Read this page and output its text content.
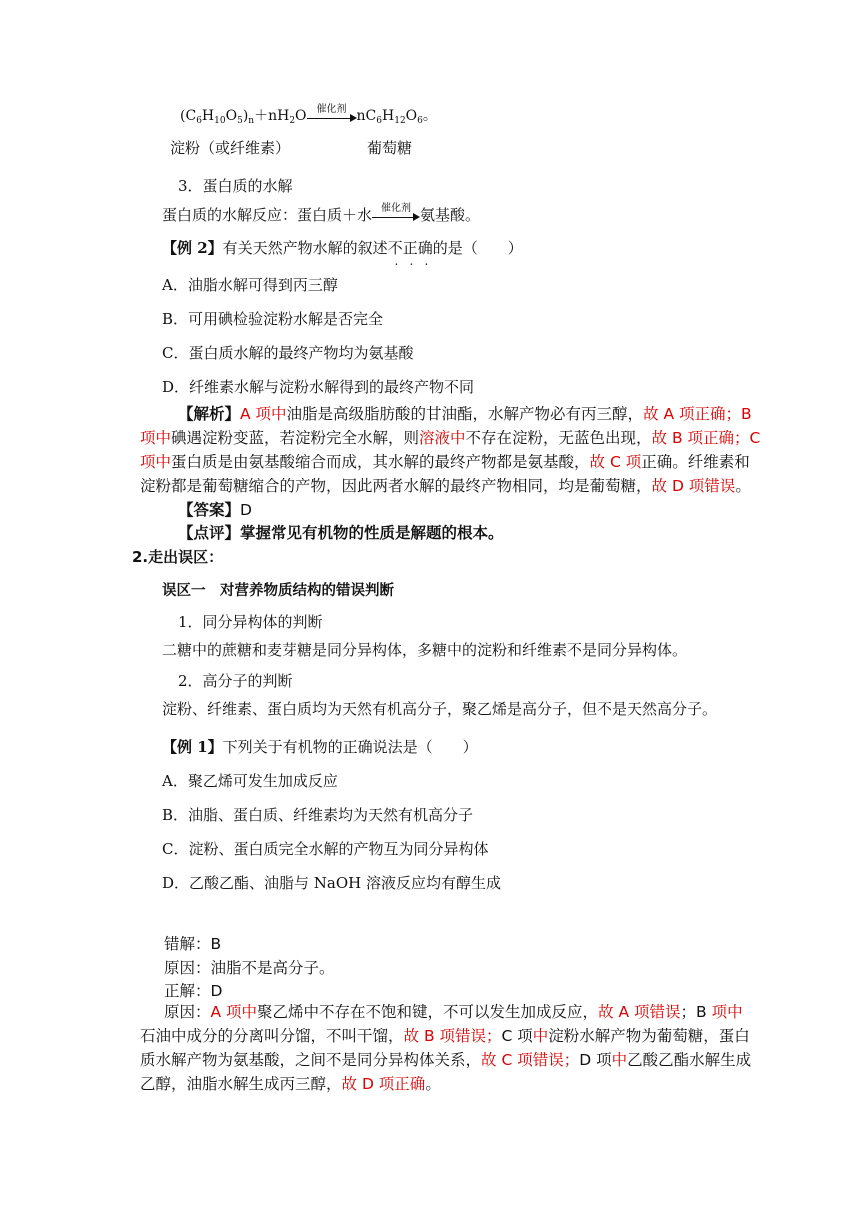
$(C_6H_{10}O_5)_n+nH_2O$	催化剂 $nC_6H_{12}O_6$。
淀粉（或纤维素）	葡萄糖
3．蛋白质的水解
蛋白质的水解反应：蛋白质＋水 催化剂 氨基酸。
【例 2】有关天然产物水解的叙述不正确的是（　　）
A．油脂水解可得到丙三醇
B．可用碘检验淀粉水解是否完全
C．蛋白质水解的最终产物均为氨基酸
D．纤维素水解与淀粉水解得到的最终产物不同
【解析】A 项中油脂是高级脂肪酸的甘油酯，水解产物必有丙三醇，故 A 项正确；B
项中碘遇淀粉变蓝，若淀粉完全水解，则溶液中不存在淀粉，无蓝色出现，故 B 项正确；C
项中蛋白质是由氨基酸缩合而成，其水解的最终产物都是氨基酸，故 C 项正确。纤维素和
淀粉都是葡萄糖缩合的产物，因此两者水解的最终产物相同，均是葡萄糖，故 D 项错误。
【答案】D
【点评】掌握常见有机物的性质是解题的根本。
2.走出误区：
误区一　对营养物质结构的错误判断
1．同分异构体的判断
二糖中的蔗糖和麦芽糖是同分异构体，多糖中的淀粉和纤维素不是同分异构体。
2．高分子的判断
淀粉、纤维素、蛋白质均为天然有机高分子，聚乙烯是高分子，但不是天然高分子。
【例 1】下列关于有机物的正确说法是（　　）
A．聚乙烯可发生加成反应
B．油脂、蛋白质、纤维素均为天然有机高分子
C．淀粉、蛋白质完全水解的产物互为同分异构体
D．乙酸乙酯、油脂与 NaOH 溶液反应均有醇生成
错解：B
原因：油脂不是高分子。
正解：D
原因：A 项中聚乙烯中不存在不饱和键，不可以发生加成反应，故 A 项错误；B 项中
石油中成分的分离叫分馏，不叫干馏，故 B 项错误；C 项中淀粉水解产物为葡萄糖，蛋白
质水解产物为氨基酸，之间不是同分异构体关系，故 C 项错误；D 项中乙酸乙酯水解生成
乙醇，油脂水解生成丙三醇，故 D 项正确。
